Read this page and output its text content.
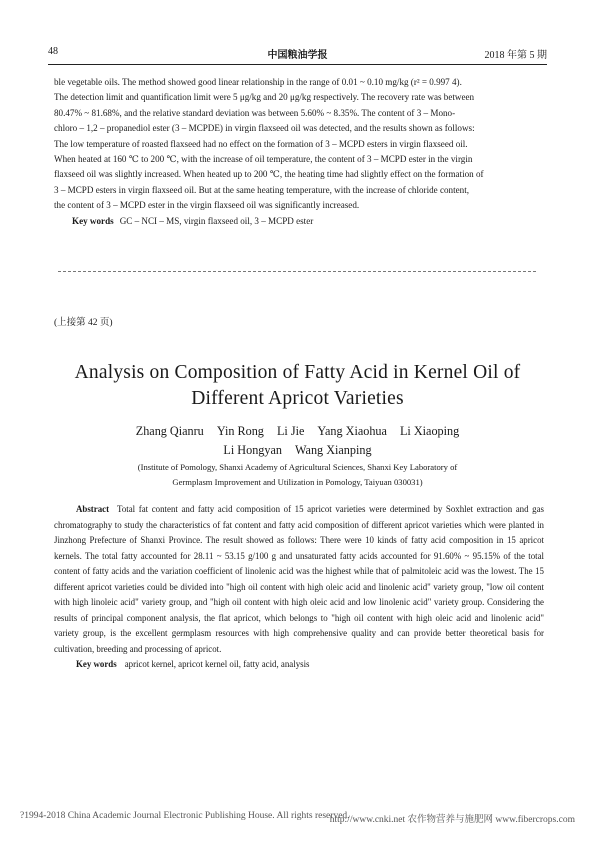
48	中国粮油学报	2018 年第 5 期

ble vegetable oils. The method showed good linear relationship in the range of 0.01 ~ 0.10 mg/kg (r² = 0.997 4).

The detection limit and quantification limit were 5 μg/kg and 20 μg/kg respectively. The recovery rate was between

80.47% ~ 81.68%, and the relative standard deviation was between 5.60% ~ 8.35%. The content of 3 – Mono-

chloro – 1,2 – propanediol ester (3 – MCPDE) in virgin flaxseed oil was detected, and the results shown as follows:

The low temperature of roasted flaxseed had no effect on the formation of 3 – MCPD esters in virgin flaxseed oil.

When heated at 160 ℃ to 200 ℃, with the increase of oil temperature, the content of 3 – MCPD ester in the virgin

flaxseed oil was slightly increased. When heated up to 200 ℃, the heating time had slightly effect on the formation of

3 – MCPD esters in virgin flaxseed oil. But at the same heating temperature, with the increase of chloride content,

the content of 3 – MCPD ester in the virgin flaxseed oil was significantly increased.

Key words GC – NCI – MS, virgin flaxseed oil, 3 – MCPD ester

(上接第 42 页)
Analysis on Composition of Fatty Acid in Kernel Oil of
Different Apricot Varieties
Zhang Qianru Yin Rong Li Jie Yang Xiaohua Li Xiaoping
Li Hongyan Wang Xianping
(Institute of Pomology, Shanxi Academy of Agricultural Sciences, Shanxi Key Laboratory of
Germplasm Improvement and Utilization in Pomology, Taiyuan 030031)

Abstract Total fat content and fatty acid composition of 15 apricot varieties were determined by Soxhlet extraction and gas chromatography to study the characteristics of fat content and fatty acid composition of different apricot varieties which were planted in Jinzhong Prefecture of Shanxi Province. The result showed as follows: There were 10 kinds of fatty acid composition in 15 apricot kernels. The total fatty accounted for 28.11 ~ 53.15 g/100 g and unsaturated fatty acids accounted for 91.60% ~ 95.15% of the total content of fatty acids and the variation coefficient of linolenic acid was the highest while that of palmitoleic acid was the lowest. The 15 different apricot varieties could be divided into "high oil content with high oleic acid and linolenic acid" variety group, "low oil content with high linoleic acid" variety group, and "high oil content with high oleic acid and low linolenic acid" variety group. Considering the results of principal component analysis, the flat apricot, which belongs to "high oil content with high oleic acid and linolenic acid" variety group, is the excellent germplasm resources with high comprehensive quality and can provide better theoretical basis for cultivation, breeding and processing of apricot.

Key words apricot kernel, apricot kernel oil, fatty acid, analysis

?1994-2018 China Academic Journal Electronic Publishing House. All rights reserved.
http://www.cnki.net 农作物营养与施肥网 www.fibercrops.com
